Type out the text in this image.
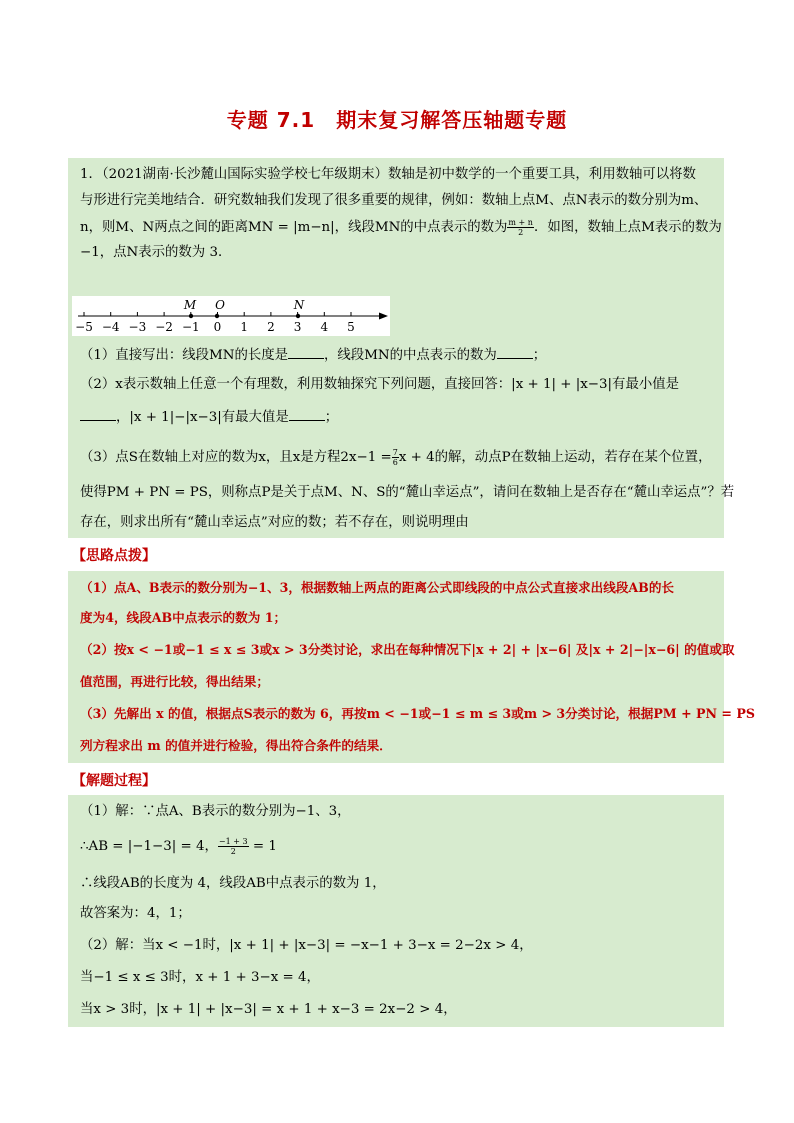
专题 7.1　期末复习解答压轴题专题
1．（2021湖南·长沙麓山国际实验学校七年级期末）数轴是初中数学的一个重要工具，利用数轴可以将数
与形进行完美地结合．研究数轴我们发现了很多重要的规律，例如：数轴上点M、点N表示的数分别为m、
n，则M、N两点之间的距离MN = |m−n|，线段MN的中点表示的数为 $\frac{m + n}{2}$ ．如图，数轴上点M表示的数为
−1，点N表示的数为 3．
（1）直接写出：线段MN的长度是	，线段MN的中点表示的数为	；
（2）x表示数轴上任意一个有理数，利用数轴探究下列问题，直接回答：|x + 1| + |x−3|有最小值是
，|x + 1|−|x−3|有最大值是	；
（3）点S在数轴上对应的数为x，且x是方程$2x-1 = \frac{7}{6}$ x + 4的解，动点P在数轴上运动，若存在某个位置，
使得PM + PN = PS，则称点P是关于点M、N、S的“麓山幸运点”，请问在数轴上是否存在“麓山幸运点”？若
存在，则求出所有“麓山幸运点”对应的数；若不存在，则说明理由
−5 −4 −3 −2 −1 0 1 2 3 4 5
M O	N
【思路点拨】
（1）点A、B表示的数分别为−1、3，根据数轴上两点的距离公式即线段的中点公式直接求出线段AB的长
度为4，线段AB中点表示的数为 1；
（2）按x < −1或−1 ≤ x ≤ 3或x > 3分类讨论，求出在每种情况下|x + 2| + |x−6| 及|x + 2|−|x−6| 的值或取
值范围，再进行比较，得出结果；
（3）先解出 x 的值，根据点S表示的数为 6，再按m < −1或−1 ≤ m ≤ 3或m > 3分类讨论，根据PM + PN = PS
列方程求出 m 的值并进行检验，得出符合条件的结果．
【解题过程】
（1）解：∵点A、B表示的数分别为−1、3，
∴AB = |−1−3| = 4， $\frac{-1 + 3}{2} = 1$
∴线段AB的长度为 4，线段AB中点表示的数为 1，
故答案为：4，1；
（2）解：当x < −1时，|x + 1| + |x−3| = −x−1 + 3−x = 2−2x > 4，
当−1 ≤ x ≤ 3时，x + 1 + 3−x = 4，
当x > 3时，|x + 1| + |x−3| = x + 1 + x−3 = 2x−2 > 4，
